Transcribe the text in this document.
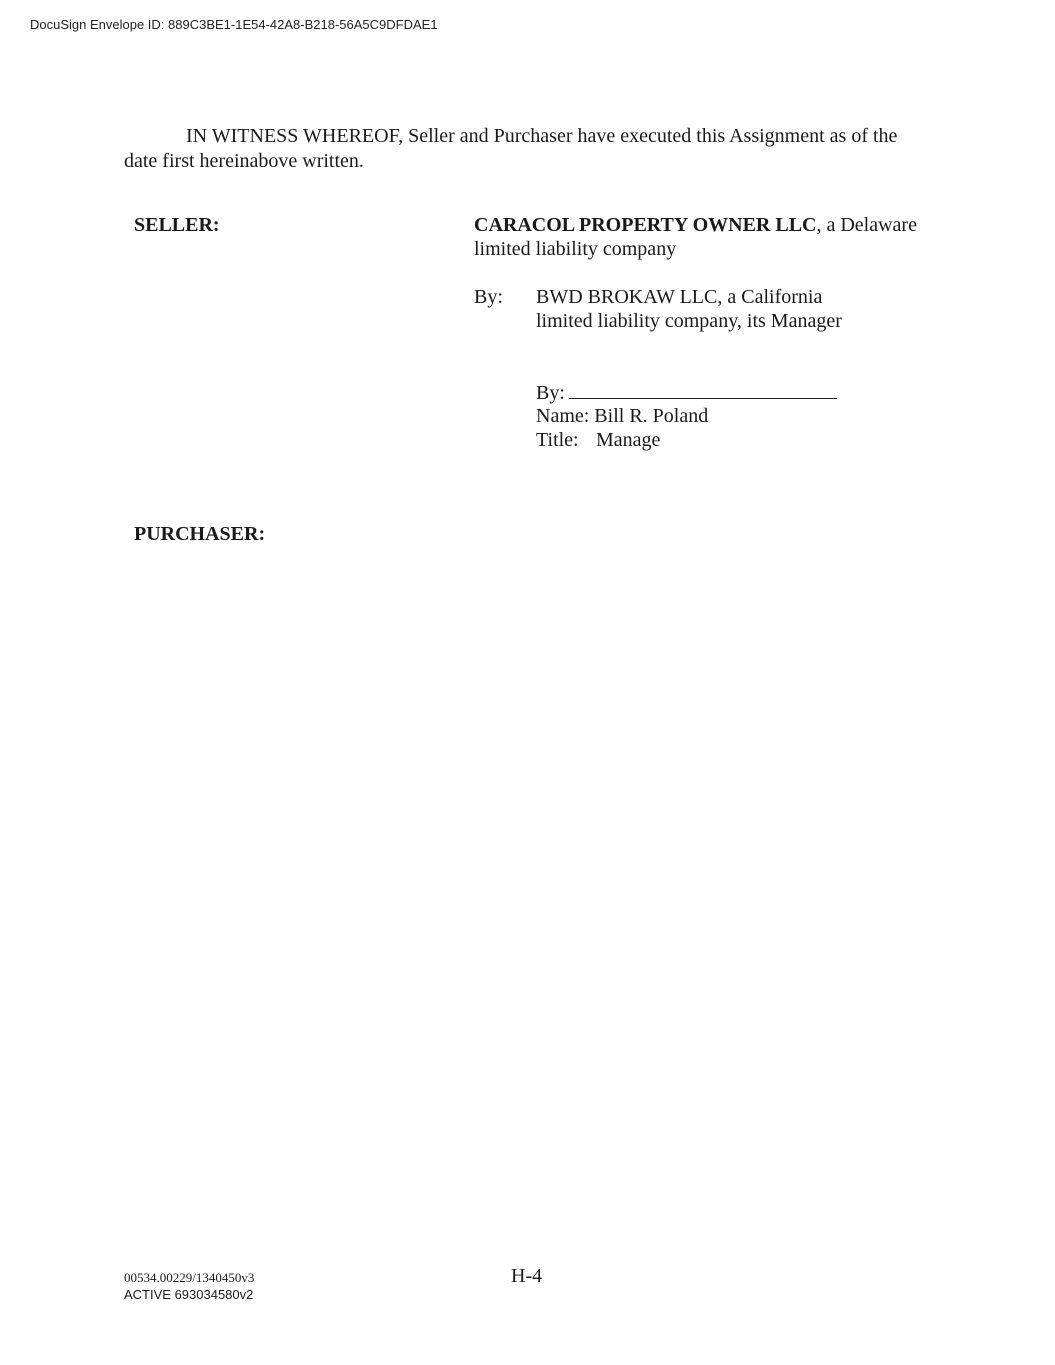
DocuSign Envelope ID: 889C3BE1-1E54-42A8-B218-56A5C9DFDAE1
IN WITNESS WHEREOF, Seller and Purchaser have executed this Assignment as of the
date first hereinabove written.
SELLER:	CARACOL PROPERTY OWNER LLC, a Delaware
limited liability company
By: BWD BROKAW LLC, a California
limited liability company, its Manager
By:
Name: Bill R. Poland
Title: Manage
PURCHASER:
00534.00229/1340450v3
ACTIVE 693034580v2
H-4
